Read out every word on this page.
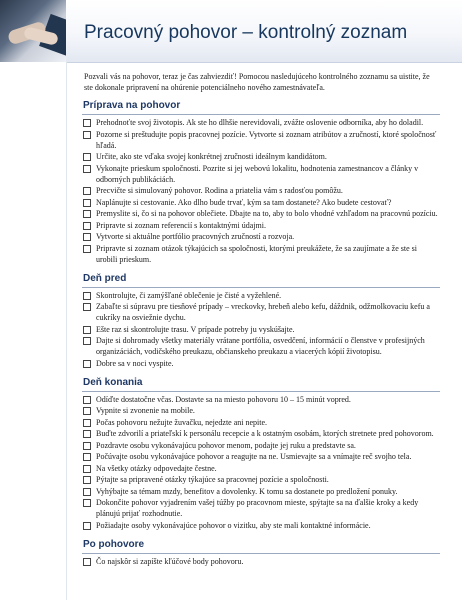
Pracovný pohovor – kontrolný zoznam

Pozvali vás na pohovor, teraz je čas zahviezdiť! Pomocou nasledujúceho kontrolného zoznamu sa uistite, že ste dokonale pripravení na ohúrenie potenciálneho nového zamestnávateľa.

Príprava na pohovor
Prehodnoťte svoj životopis. Ak ste ho dlhšie nerevidovali, zvážte oslovenie odborníka, aby ho doladil.
Pozorne si preštudujte popis pracovnej pozície. Vytvorte si zoznam atribútov a zručností, ktoré spoločnosť hľadá.
Určite, ako ste vďaka svojej konkrétnej zručnosti ideálnym kandidátom.
Vykonajte prieskum spoločnosti. Pozrite si jej webovú lokalitu, hodnotenia zamestnancov a články v odborných publikáciách.
Precvičte si simulovaný pohovor. Rodina a priatelia vám s radosťou pomôžu.
Naplánujte si cestovanie. Ako dlho bude trvať, kým sa tam dostanete? Ako budete cestovať?
Premyslite si, čo si na pohovor oblečiete. Dbajte na to, aby to bolo vhodné vzhľadom na pracovnú pozíciu.
Pripravte si zoznam referencií s kontaktnými údajmi.
Vytvorte si aktuálne portfólio pracovných zručností a rozvoja.
Pripravte si zoznam otázok týkajúcich sa spoločnosti, ktorými preukážete, že sa zaujímate a že ste si urobili prieskum.
Deň pred
Skontrolujte, či zamýšľané oblečenie je čisté a vyžehlené.
Zabaľte si súpravu pre tiesňové prípady – vreckovky, hrebeň alebo kefu, dáždnik, odžmolkovaciu kefu a cukríky na osviežnie dychu.
Ešte raz si skontrolujte trasu. V prípade potreby ju vyskúšajte.
Dajte si dohromady všetky materiály vrátane portfólia, osvedčení, informácií o členstve v profesijných organizáciách, vodičského preukazu, občianskeho preukazu a viacerých kópií životopisu.
Dobre sa v noci vyspite.
Deň konania
Odíďte dostatočne včas. Dostavte sa na miesto pohovoru 10 – 15 minút vopred.
Vypnite si zvonenie na mobile.
Počas pohovoru nežujte žuvačku, nejedzte ani nepite.
Buďte zdvorilí a priateľskí k personálu recepcie a k ostatným osobám, ktorých stretnete pred pohovorom.
Pozdravte osobu vykonávajúcu pohovor menom, podajte jej ruku a predstavte sa.
Počúvajte osobu vykonávajúce pohovor a reagujte na ne. Usmievajte sa a vnímajte reč svojho tela.
Na všetky otázky odpovedajte čestne.
Pýtajte sa pripravené otázky týkajúce sa pracovnej pozície a spoločnosti.
Vyhýbajte sa témam mzdy, benefitov a dovolenky. K tomu sa dostanete po predložení ponuky.
Dokončite pohovor vyjadrením vašej túžby po pracovnom mieste, spýtajte sa na ďalšie kroky a kedy plánujú prijať rozhodnutie.
Požiadajte osoby vykonávajúce pohovor o vizitku, aby ste mali kontaktné informácie.
Po pohovore
Čo najskôr si zapíšte kľúčové body pohovoru.
